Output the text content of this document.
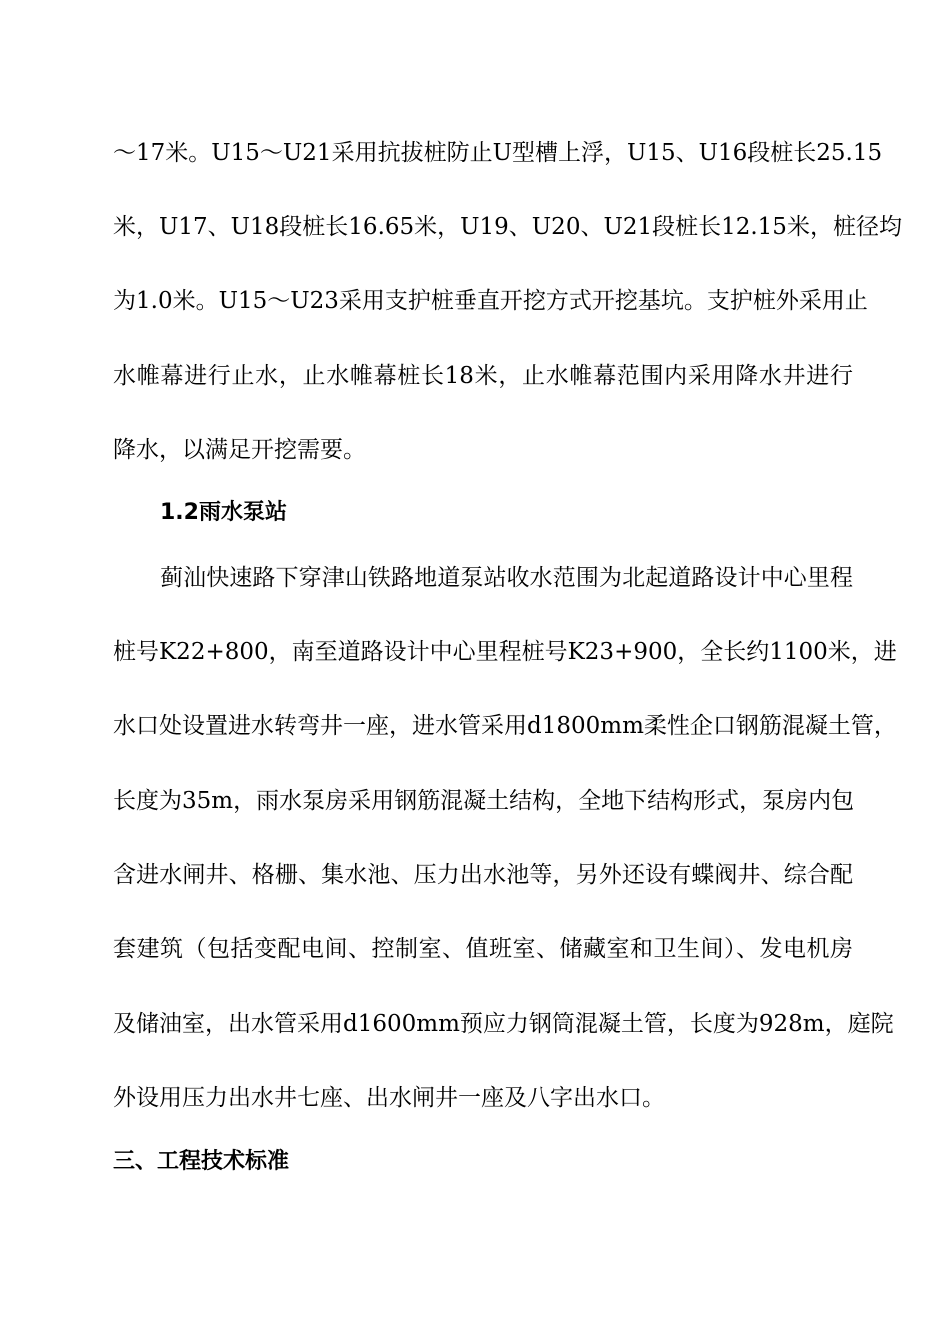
～17米。U15～U21采用抗拔桩防止U型槽上浮，U15、U16段桩长25.15
米，U17、U18段桩长16.65米，U19、U20、U21段桩长12.15米，桩径均
为1.0米。U15～U23采用支护桩垂直开挖方式开挖基坑。支护桩外采用止
水帷幕进行止水，止水帷幕桩长18米，止水帷幕范围内采用降水井进行
降水，以满足开挖需要。
1.2雨水泵站
蓟汕快速路下穿津山铁路地道泵站收水范围为北起道路设计中心里程
桩号K22+800，南至道路设计中心里程桩号K23+900，全长约1100米，进
水口处设置进水转弯井一座，进水管采用d1800mm柔性企口钢筋混凝土管，
长度为35m，雨水泵房采用钢筋混凝土结构，全地下结构形式，泵房内包
含进水闸井、格栅、集水池、压力出水池等，另外还设有蝶阀井、综合配
套建筑（包括变配电间、控制室、值班室、储藏室和卫生间）、发电机房
及储油室，出水管采用d1600mm预应力钢筒混凝土管，长度为928m，庭院
外设用压力出水井七座、出水闸井一座及八字出水口。
三、工程技术标准
